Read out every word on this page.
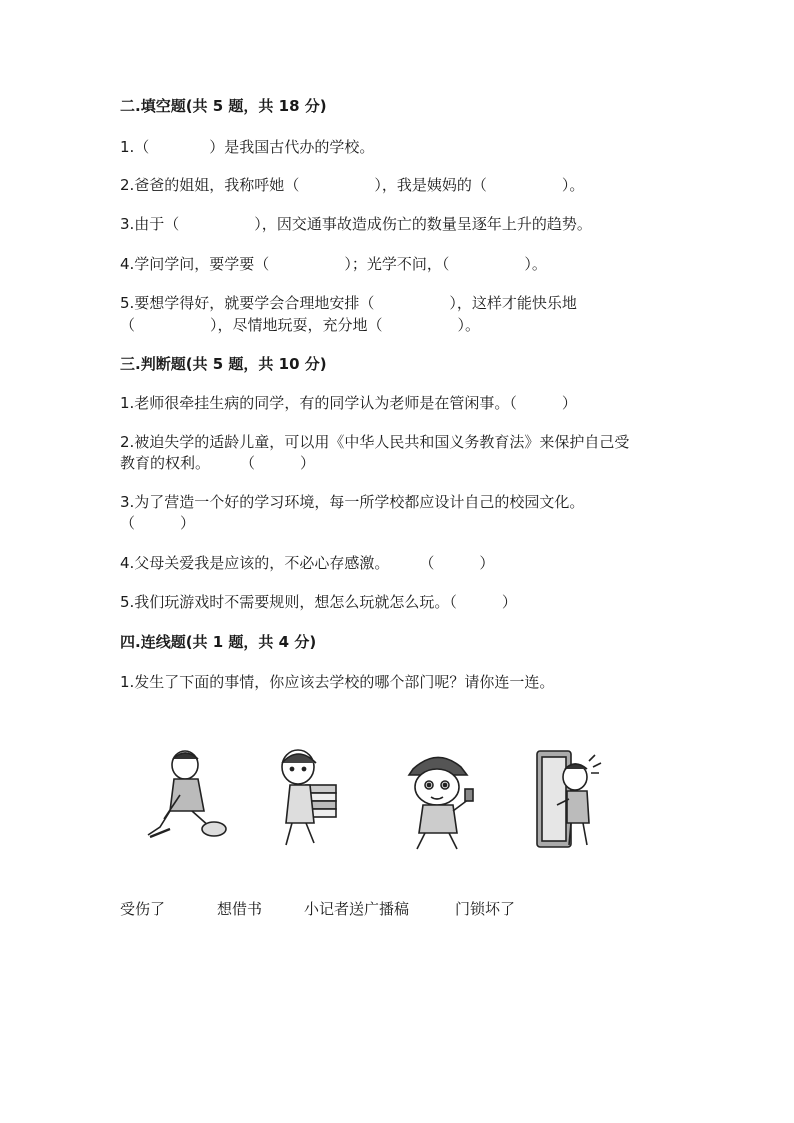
二.填空题(共 5 题，共 18 分)
1.（　　　　）是我国古代办的学校。
2.爸爸的姐姐，我称呼她（　　　　　），我是姨妈的（　　　　　）。
3.由于（　　　　　），因交通事故造成伤亡的数量呈逐年上升的趋势。
4.学问学问，要学要（　　　　　）；光学不问，（　　　　　）。
5.要想学得好，就要学会合理地安排（　　　　　），这样才能快乐地
（　　　　　），尽情地玩耍，充分地（　　　　　）。
三.判断题(共 5 题，共 10 分)
1.老师很牵挂生病的同学，有的同学认为老师是在管闲事。（　　　）
2.被迫失学的适龄儿童，可以用《中华人民共和国义务教育法》来保护自己受
教育的权利。　　　（　　　）
3.为了营造一个好的学习环境，每一所学校都应设计自己的校园文化。
（　　　）
4.父母关爱我是应该的，不必心存感激。　　　（　　　）
5.我们玩游戏时不需要规则，想怎么玩就怎么玩。（　　　）
四.连线题(共 1 题，共 4 分)
1.发生了下面的事情，你应该去学校的哪个部门呢？请你连一连。
受伤了	想借书	小记者送广播稿	门锁坏了
